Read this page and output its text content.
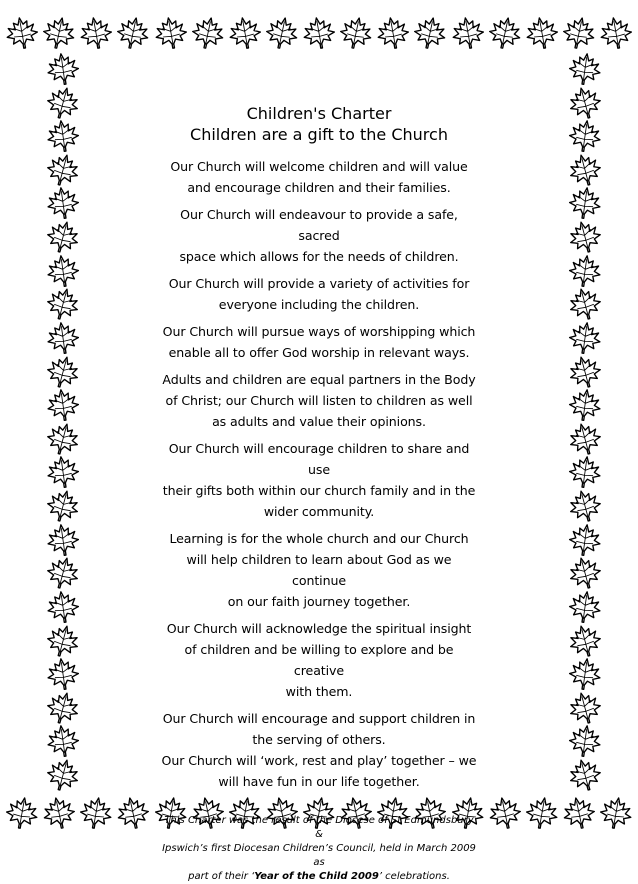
Children's Charter

Children are a gift to the Church

Our Church will welcome children and will value
and encourage children and their families.

Our Church will endeavour to provide a safe, sacred
space which allows for the needs of children.

Our Church will provide a variety of activities for
everyone including the children.

Our Church will pursue ways of worshipping which
enable all to offer God worship in relevant ways.

Adults and children are equal partners in the Body
of Christ; our Church will listen to children as well
as adults and value their opinions.

Our Church will encourage children to share and use
their gifts both within our church family and in the
wider community.

Learning is for the whole church and our Church
will help children to learn about God as we continue
on our faith journey together.

Our Church will acknowledge the spiritual insight
of children and be willing to explore and be creative
with them.

Our Church will encourage and support children in
the serving of others.

Our Church will ‘work, rest and play’ together – we
will have fun in our life together.

This Charter was the result of the Diocese of St Edmundsbury &
Ipswich’s first Diocesan Children’s Council, held in March 2009 as
part of their ‘Year of the Child 2009’ celebrations.
